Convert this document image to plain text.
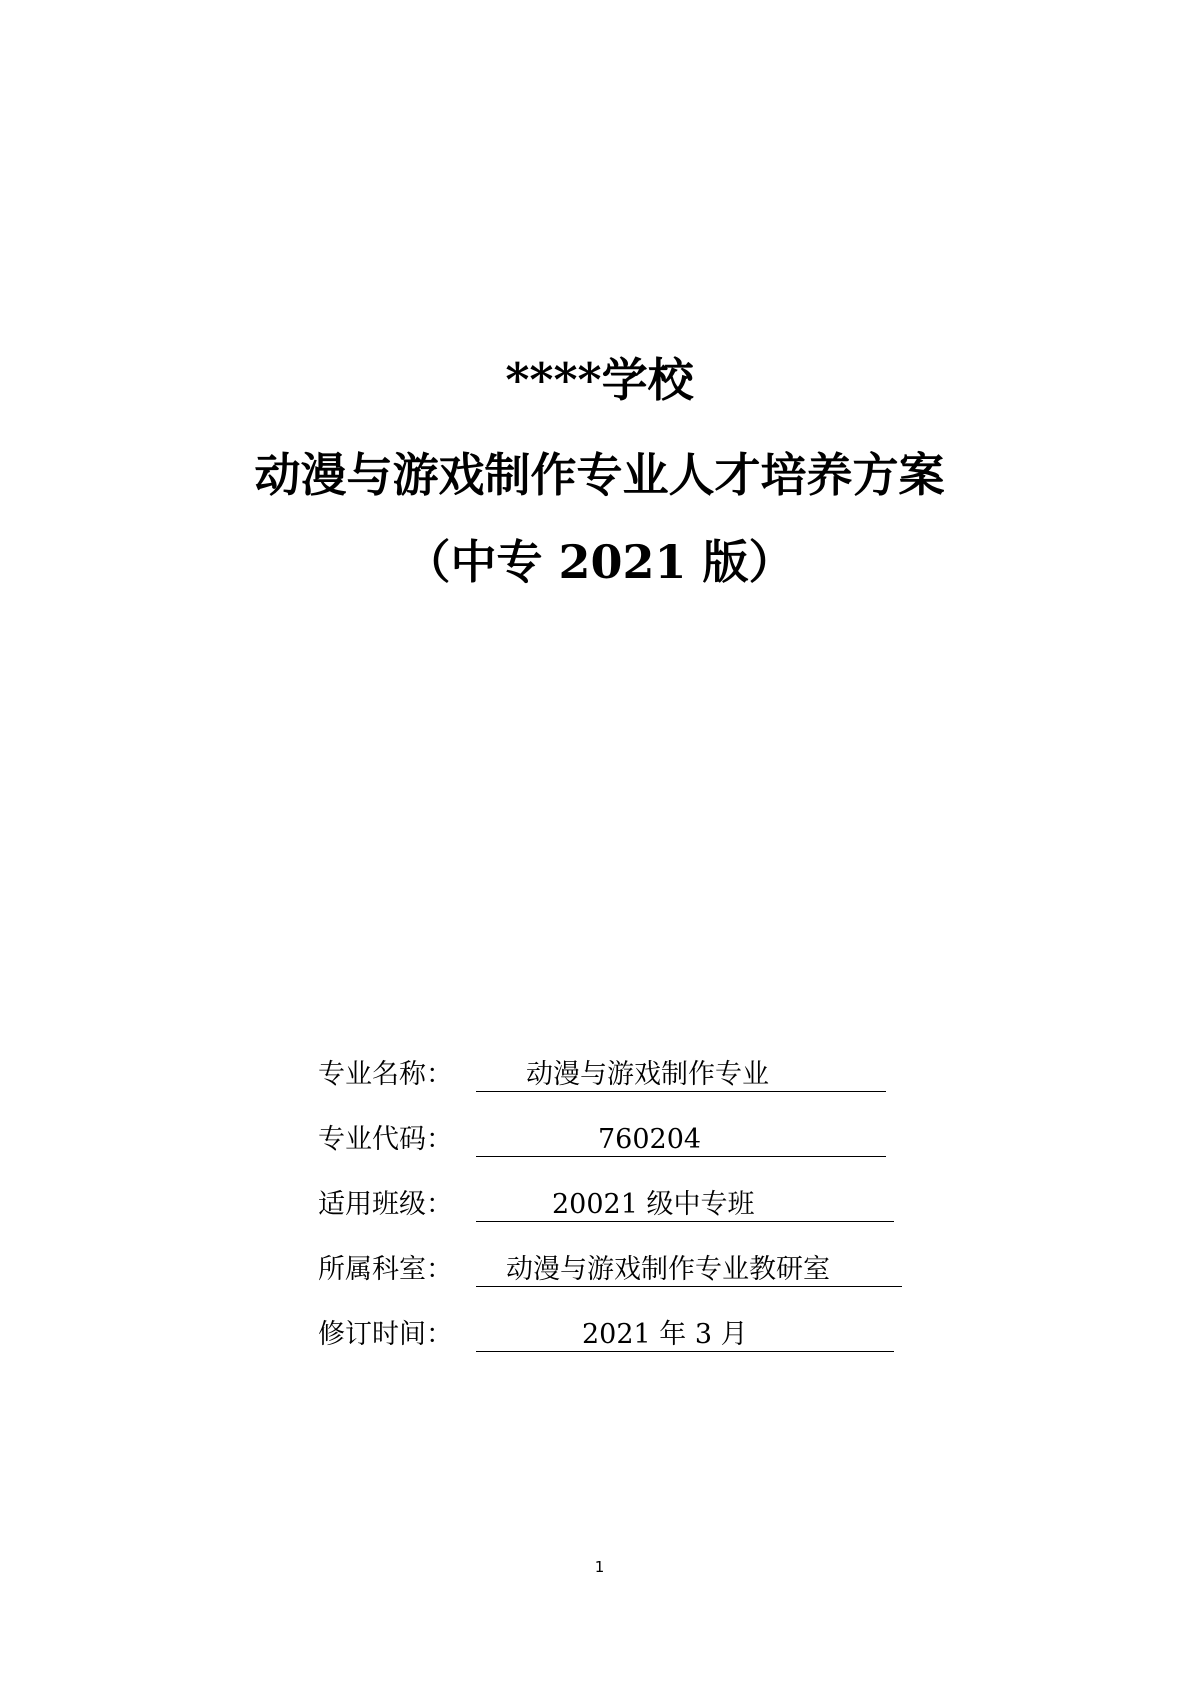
****学校
动漫与游戏制作专业人才培养方案
（中专 2021 版）
专业名称：	动漫与游戏制作专业
专业代码：	760204
适用班级：	20021 级中专班
所属科室：	动漫与游戏制作专业教研室
修订时间：	2021 年 3 月
1
